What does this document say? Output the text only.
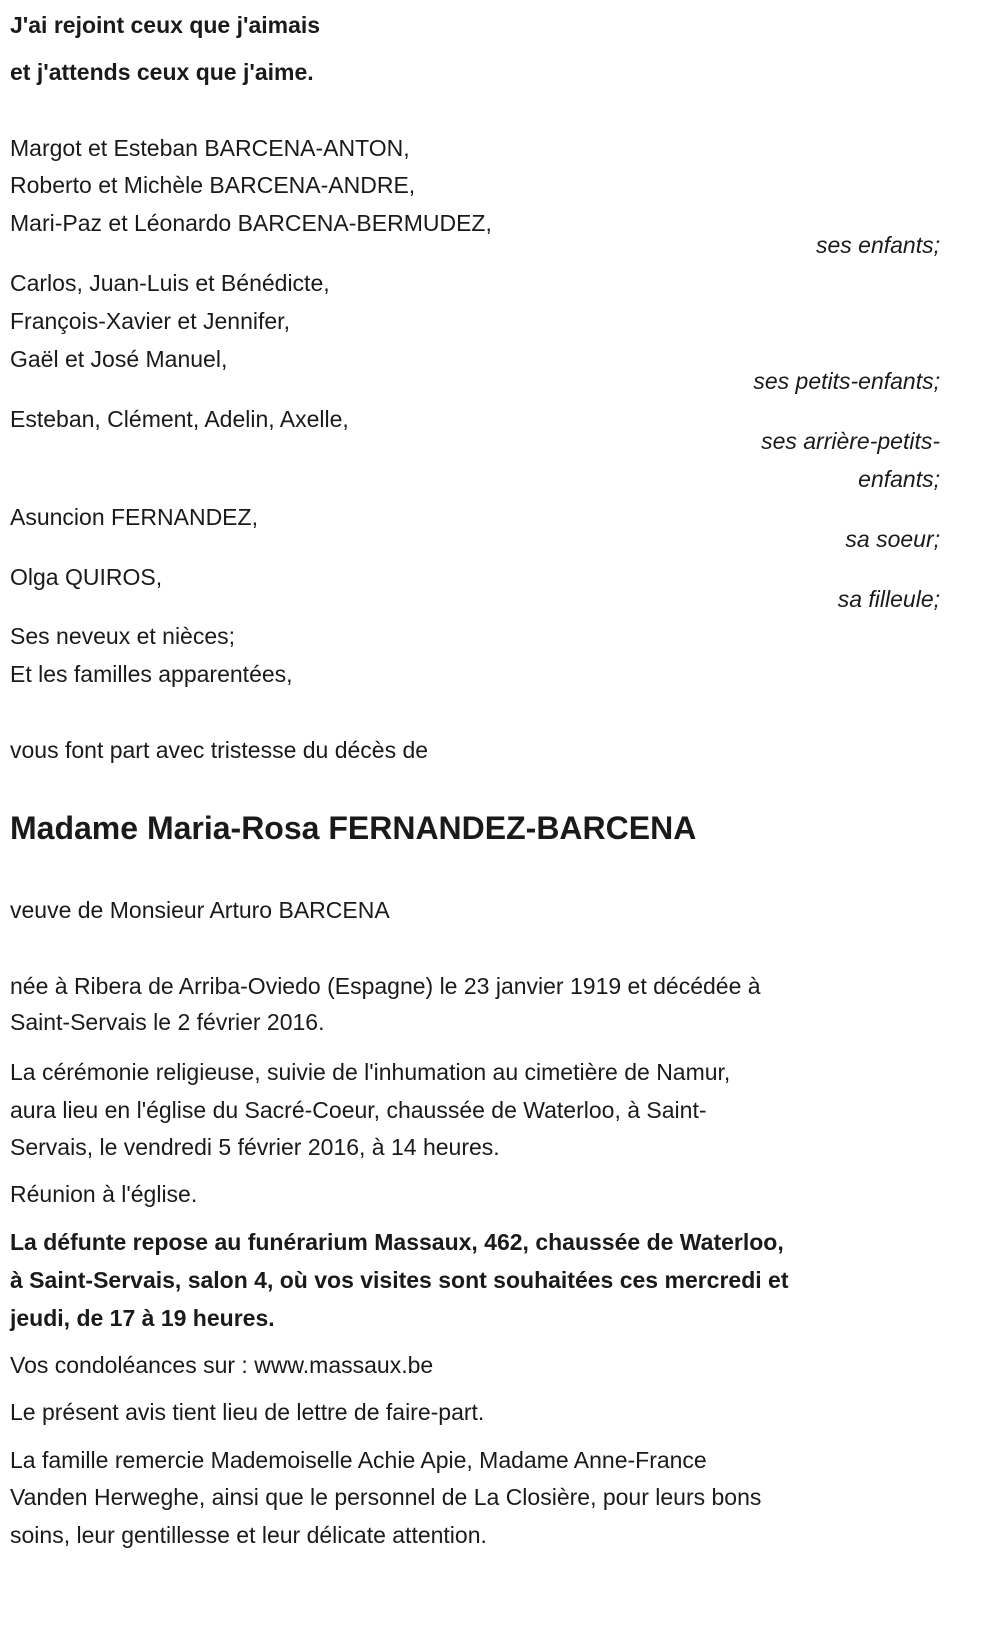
J'ai rejoint ceux que j'aimais
et j'attends ceux que j'aime.
Margot et Esteban BARCENA-ANTON,
Roberto et Michèle BARCENA-ANDRE,
Mari-Paz et Léonardo BARCENA-BERMUDEZ,
ses enfants;
Carlos, Juan-Luis et Bénédicte,
François-Xavier et Jennifer,
Gaël et José Manuel,
ses petits-enfants;
Esteban, Clément, Adelin, Axelle,
ses arrière-petits-
enfants;
Asuncion FERNANDEZ,
sa soeur;
Olga QUIROS,
sa filleule;
Ses neveux et nièces;
Et les familles apparentées,
vous font part avec tristesse du décès de
Madame Maria-Rosa FERNANDEZ-BARCENA
veuve de Monsieur Arturo BARCENA
née à Ribera de Arriba-Oviedo (Espagne) le 23 janvier 1919 et décédée à
Saint-Servais le 2 février 2016.
La cérémonie religieuse, suivie de l'inhumation au cimetière de Namur,
aura lieu en l'église du Sacré-Coeur, chaussée de Waterloo, à Saint-
Servais, le vendredi 5 février 2016, à 14 heures.
Réunion à l'église.
La défunte repose au funérarium Massaux, 462, chaussée de Waterloo,
à Saint-Servais, salon 4, où vos visites sont souhaitées ces mercredi et
jeudi, de 17 à 19 heures.
Vos condoléances sur : www.massaux.be
Le présent avis tient lieu de lettre de faire-part.
La famille remercie Mademoiselle Achie Apie, Madame Anne-France
Vanden Herweghe, ainsi que le personnel de La Closière, pour leurs bons
soins, leur gentillesse et leur délicate attention.
